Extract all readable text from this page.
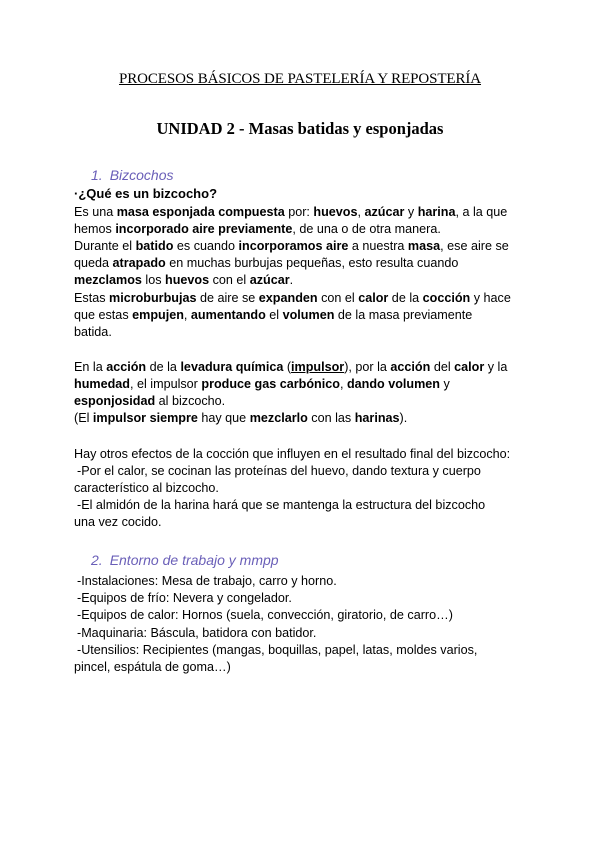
PROCESOS BÁSICOS DE PASTELERÍA Y REPOSTERÍA
UNIDAD 2 - Masas batidas y esponjadas
1. Bizcochos

·¿Qué es un bizcocho?

Es una masa esponjada compuesta por: huevos, azúcar y harina, a la que

hemos incorporado aire previamente, de una o de otra manera.

Durante el batido es cuando incorporamos aire a nuestra masa, ese aire se

queda atrapado en muchas burbujas pequeñas, esto resulta cuando

mezclamos los huevos con el azúcar.

Estas microburbujas de aire se expanden con el calor de la cocción y hace

que estas empujen, aumentando el volumen de la masa previamente

batida.

En la acción de la levadura química (impulsor), por la acción del calor y la

humedad, el impulsor produce gas carbónico, dando volumen y

esponjosidad al bizcocho.

(El impulsor siempre hay que mezclarlo con las harinas).

Hay otros efectos de la cocción que influyen en el resultado final del bizcocho:

-Por el calor, se cocinan las proteínas del huevo, dando textura y cuerpo

característico al bizcocho.

-El almidón de la harina hará que se mantenga la estructura del bizcocho

una vez cocido.

2. Entorno de trabajo y mmpp

-Instalaciones: Mesa de trabajo, carro y horno.

-Equipos de frío: Nevera y congelador.

-Equipos de calor: Hornos (suela, convección, giratorio, de carro…)

-Maquinaria: Báscula, batidora con batidor.

-Utensilios: Recipientes (mangas, boquillas, papel, latas, moldes varios,

pincel, espátula de goma…)
